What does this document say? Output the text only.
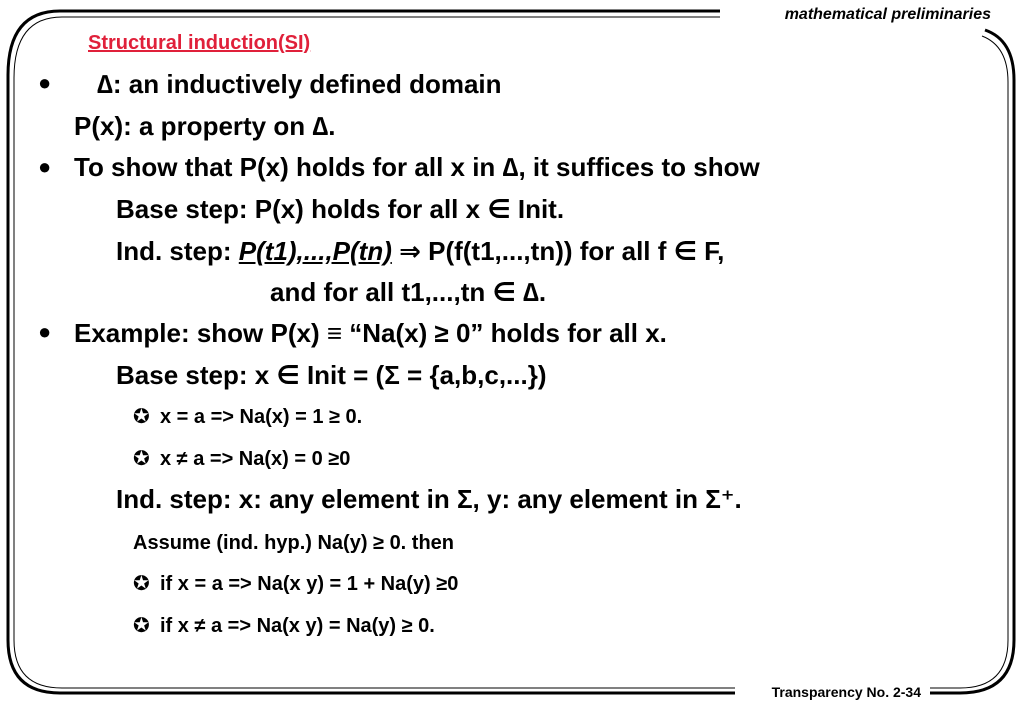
mathematical preliminaries
Transparency No. 2-34
Structural induction(SI)
● ∆: an inductively defined domain
P(x): a property on ∆.
● To show that P(x) holds for all x in ∆, it suffices to show
Base step: P(x) holds for all x ∈ Init.
Ind. step: P(t1),...,P(tn) ⇒ P(f(t1,...,tn)) for all f ∈ F,
and for all t1,...,tn ∈ ∆.
● Example: show P(x) ≡ “Na(x) ≥ 0” holds for all x.
Base step: x ∈ Init = (Σ = {a,b,c,...})
✪ x = a => Na(x) = 1 ≥ 0.
✪ x ≠ a => Na(x) = 0 ≥0
Ind. step: x: any element in Σ, y: any element in Σ⁺.
Assume (ind. hyp.) Na(y) ≥ 0. then
✪ if x = a => Na(x y) = 1 + Na(y) ≥0
✪ if x ≠ a => Na(x y) = Na(y) ≥ 0.
